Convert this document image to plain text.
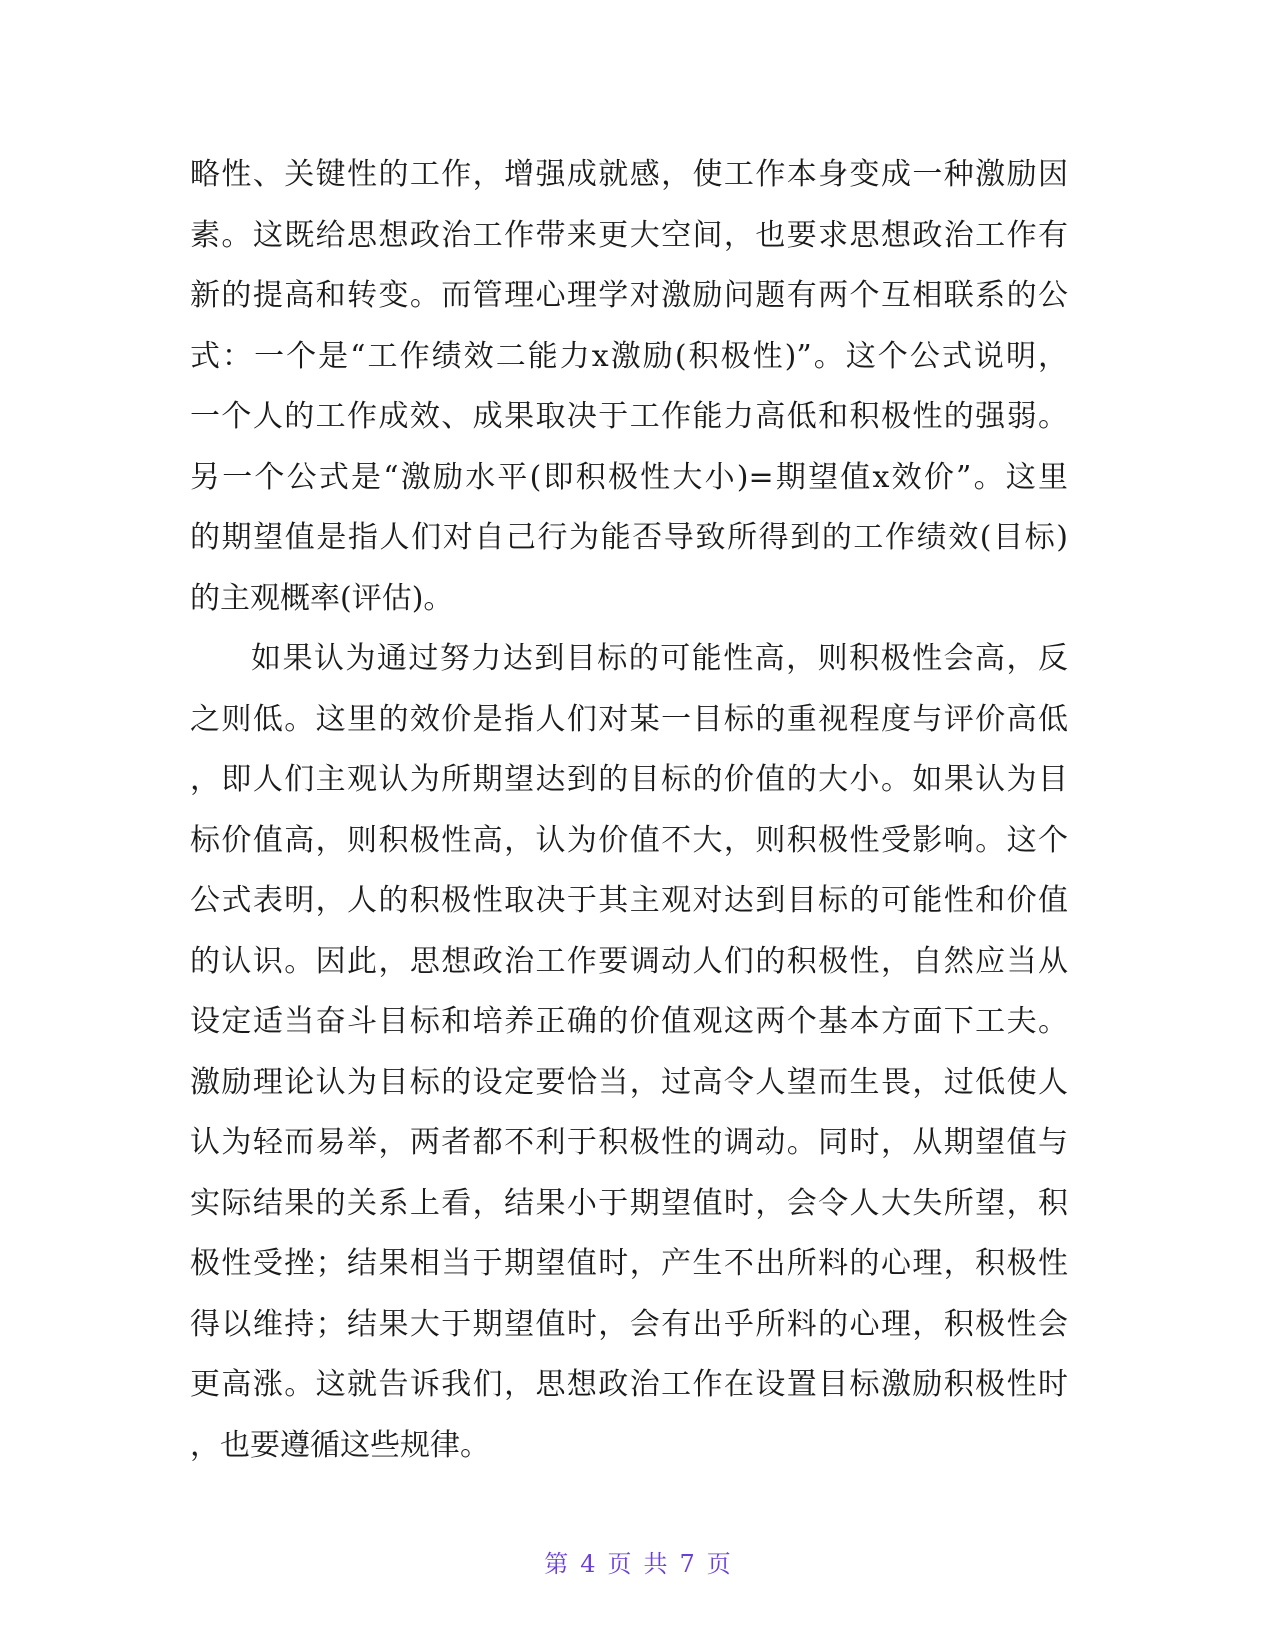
略性、关键性的工作，增强成就感，使工作本身变成一种激励因
素。这既给思想政治工作带来更大空间，也要求思想政治工作有
新的提高和转变。而管理心理学对激励问题有两个互相联系的公
式：一个是“工作绩效二能力x激励(积极性)”。这个公式说明，
一个人的工作成效、成果取决于工作能力高低和积极性的强弱。
另一个公式是“激励水平(即积极性大小)=期望值x效价”。这里
的期望值是指人们对自己行为能否导致所得到的工作绩效(目标)
的主观概率(评估)。
如果认为通过努力达到目标的可能性高，则积极性会高，反
之则低。这里的效价是指人们对某一目标的重视程度与评价高低
，即人们主观认为所期望达到的目标的价值的大小。如果认为目
标价值高，则积极性高，认为价值不大，则积极性受影响。这个
公式表明，人的积极性取决于其主观对达到目标的可能性和价值
的认识。因此，思想政治工作要调动人们的积极性，自然应当从
设定适当奋斗目标和培养正确的价值观这两个基本方面下工夫。
激励理论认为目标的设定要恰当，过高令人望而生畏，过低使人
认为轻而易举，两者都不利于积极性的调动。同时，从期望值与
实际结果的关系上看，结果小于期望值时，会令人大失所望，积
极性受挫；结果相当于期望值时，产生不出所料的心理，积极性
得以维持；结果大于期望值时，会有出乎所料的心理，积极性会
更高涨。这就告诉我们，思想政治工作在设置目标激励积极性时
，也要遵循这些规律。
第 4 页 共 7 页
